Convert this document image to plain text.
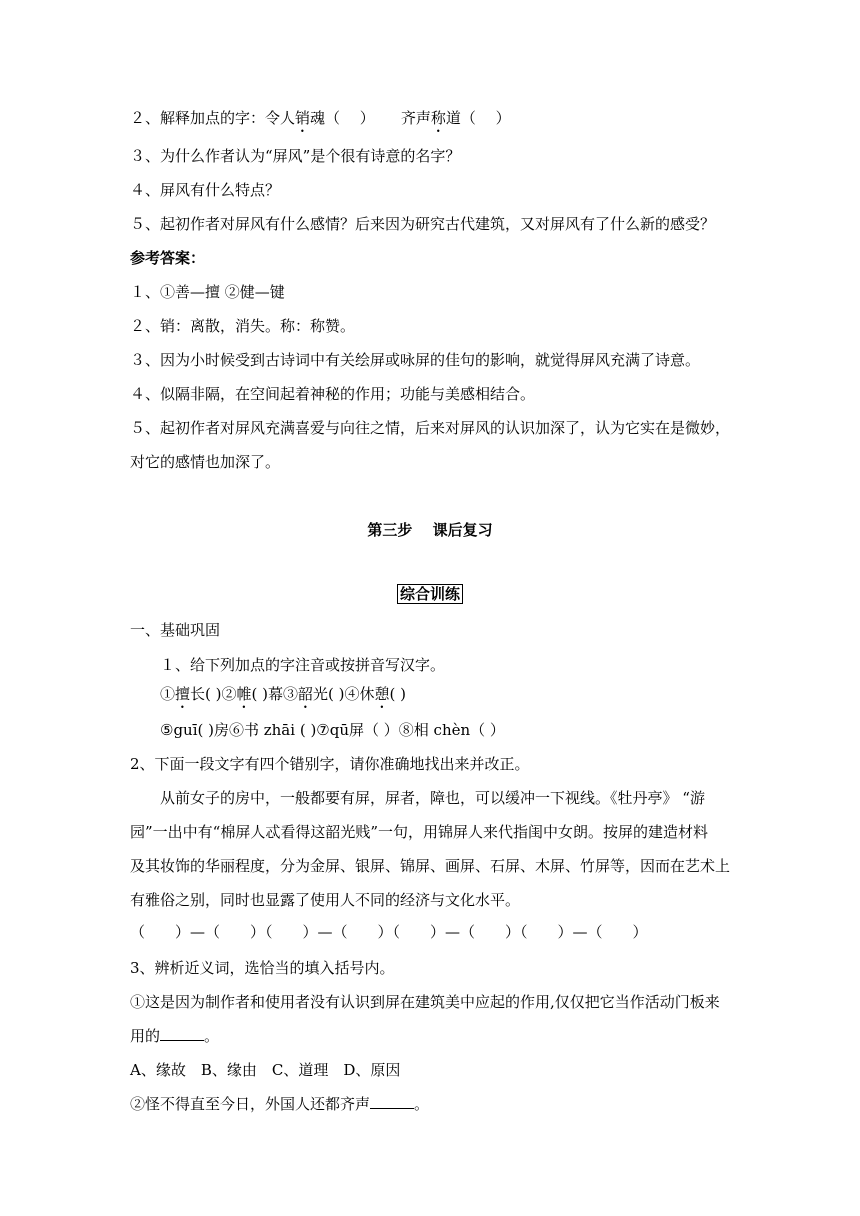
２、解释加点的字：令人销魂（　 ） 齐声称道（　 ）
３、为什么作者认为“屏风”是个很有诗意的名字？
４、屏风有什么特点？
５、起初作者对屏风有什么感情？后来因为研究古代建筑，又对屏风有了什么新的感受？
参考答案：
１、①善—擅 ②健—键
２、销：离散，消失。称：称赞。
３、因为小时候受到古诗词中有关绘屏或咏屏的佳句的影响，就觉得屏风充满了诗意。
４、似隔非隔，在空间起着神秘的作用；功能与美感相结合。
５、起初作者对屏风充满喜爱与向往之情，后来对屏风的认识加深了，认为它实在是微妙，
对它的感情也加深了。
第三步　 课后复习
综合训练
一、基础巩固
１、给下列加点的字注音或按拼音写汉字。
①擅长( )②帷( )幕③韶光( )④休憩( )
⑤guī( )房⑥书 zhāi ( )⑦qū屏（ ）⑧相 chèn（ ）
2、下面一段文字有四个错别字，请你准确地找出来并改正。
从前女子的房中，一般都要有屏，屏者，障也，可以缓冲一下视线。《牡丹亭》 “游
园”一出中有“棉屏人忒看得这韶光贱”一句，用锦屏人来代指闺中女朗。按屏的建造材料
及其妆饰的华丽程度，分为金屏、银屏、锦屏、画屏、石屏、木屏、竹屏等，因而在艺术上
有雅俗之别，同时也显露了使用人不同的经济与文化水平。
（　　）—（　　）（　　）—（　　）（　　）—（　　）（　　）—（　　）
3、辨析近义词，选恰当的填入括号内。
①这是因为制作者和使用者没有认识到屏在建筑美中应起的作用,仅仅把它当作活动门板来
用的	。
A、缘故　B、缘由　C、道理　D、原因
②怪不得直至今日，外国人还都齐声	。
